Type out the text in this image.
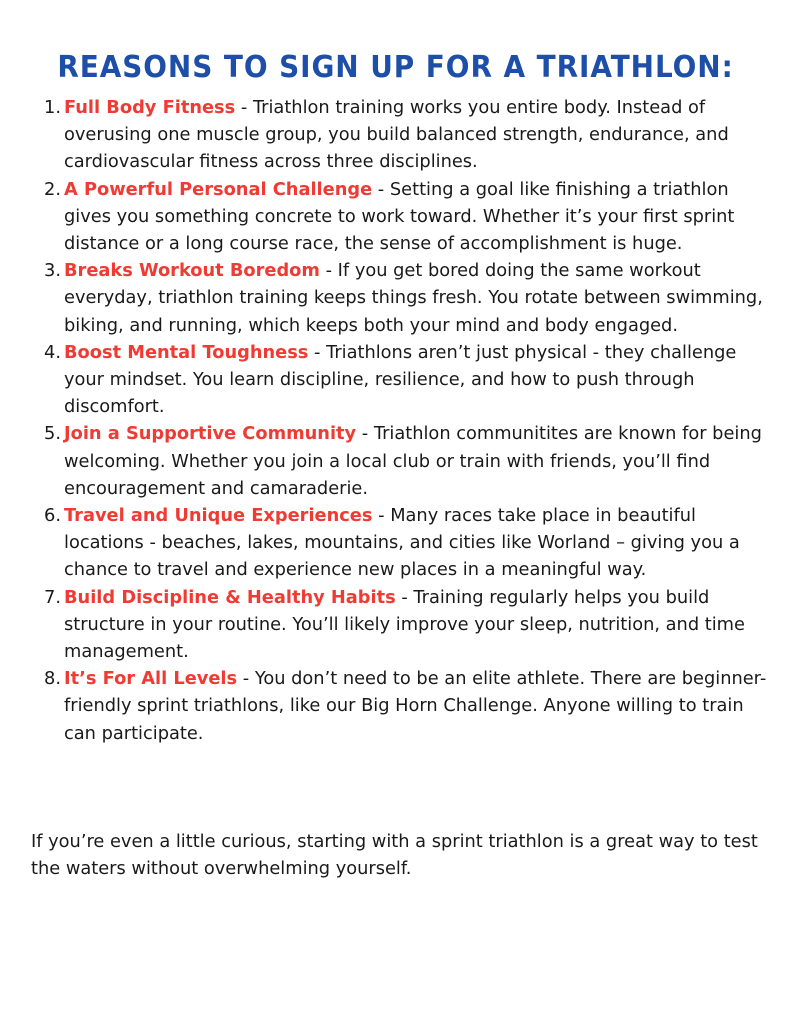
REASONS TO SIGN UP FOR A TRIATHLON:
1. Full Body Fitness - Triathlon training works you entire body. Instead of overusing one muscle group, you build balanced strength, endurance, and cardiovascular fitness across three disciplines.
2. A Powerful Personal Challenge - Setting a goal like finishing a triathlon gives you something concrete to work toward. Whether it’s your first sprint distance or a long course race, the sense of accomplishment is huge.
3. Breaks Workout Boredom - If you get bored doing the same workout everyday, triathlon training keeps things fresh. You rotate between swimming, biking, and running, which keeps both your mind and body engaged.
4. Boost Mental Toughness - Triathlons aren’t just physical - they challenge your mindset. You learn discipline, resilience, and how to push through discomfort.
5. Join a Supportive Community - Triathlon communitites are known for being welcoming. Whether you join a local club or train with friends, you’ll find encouragement and camaraderie.
6. Travel and Unique Experiences - Many races take place in beautiful locations - beaches, lakes, mountains, and cities like Worland – giving you a chance to travel and experience new places in a meaningful way.
7. Build Discipline & Healthy Habits - Training regularly helps you build structure in your routine. You’ll likely improve your sleep, nutrition, and time management.
8. It’s For All Levels - You don’t need to be an elite athlete. There are beginner-friendly sprint triathlons, like our Big Horn Challenge. Anyone willing to train can participate.

If you’re even a little curious, starting with a sprint triathlon is a great way to test the waters without overwhelming yourself.
